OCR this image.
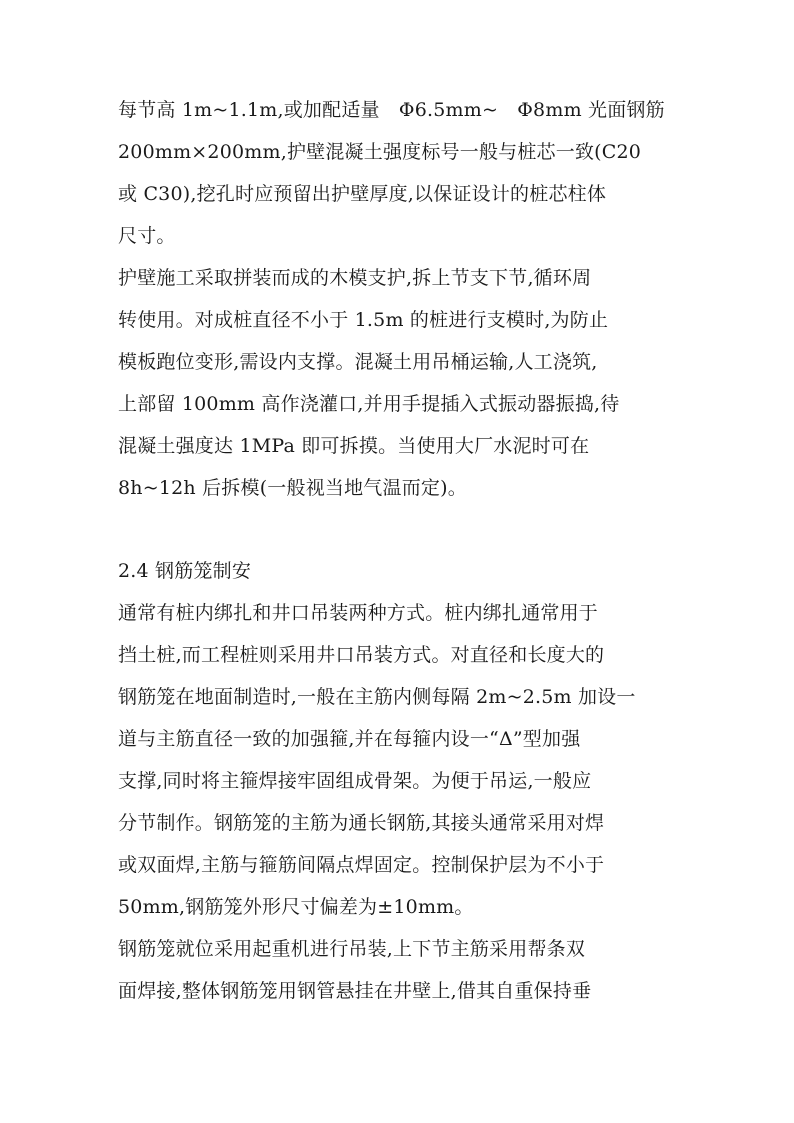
每节高 1m~1.1m,或加配适量　Φ6.5mm~　Φ8mm 光面钢筋
200mm×200mm,护壁混凝土强度标号一般与桩芯一致(C20
或 C30),挖孔时应预留出护壁厚度,以保证设计的桩芯柱体
尺寸。
护壁施工采取拼装而成的木模支护,拆上节支下节,循环周
转使用。对成桩直径不小于 1.5m 的桩进行支模时,为防止
模板跑位变形,需设内支撑。混凝土用吊桶运输,人工浇筑,
上部留 100mm 高作浇灌口,并用手提插入式振动器振捣,待
混凝土强度达 1MPa 即可拆摸。当使用大厂水泥时可在
8h~12h 后拆模(一般视当地气温而定)。
2.4 钢筋笼制安
通常有桩内绑扎和井口吊装两种方式。桩内绑扎通常用于
挡土桩,而工程桩则采用井口吊装方式。对直径和长度大的
钢筋笼在地面制造时,一般在主筋内侧每隔 2m~2.5m 加设一
道与主筋直径一致的加强箍,并在每箍内设一“Δ”型加强
支撑,同时将主箍焊接牢固组成骨架。为便于吊运,一般应
分节制作。钢筋笼的主筋为通长钢筋,其接头通常采用对焊
或双面焊,主筋与箍筋间隔点焊固定。控制保护层为不小于
50mm,钢筋笼外形尺寸偏差为±10mm。
钢筋笼就位采用起重机进行吊装,上下节主筋采用帮条双
面焊接,整体钢筋笼用钢管悬挂在井壁上,借其自重保持垂
